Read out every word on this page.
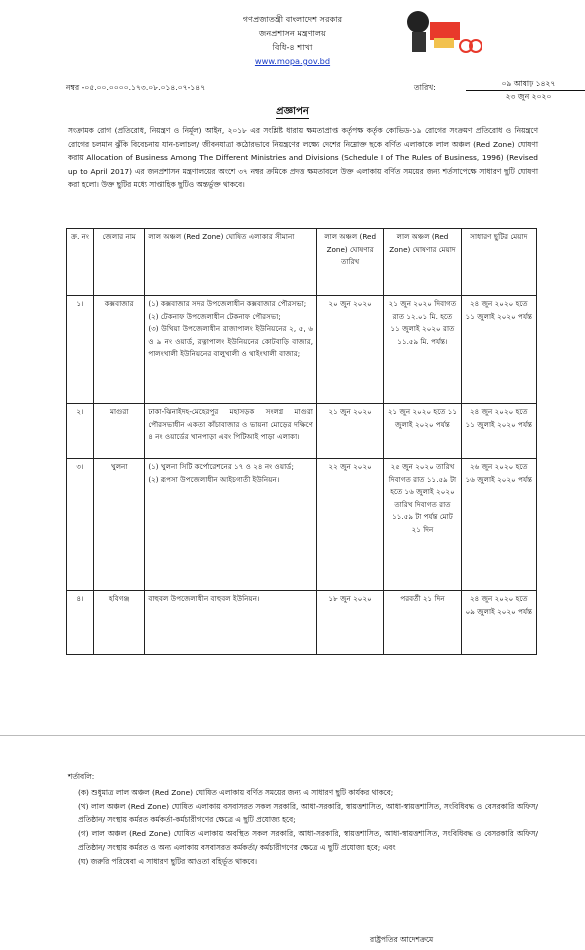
গণপ্রজাতন্ত্রী বাংলাদেশ সরকার
জনপ্রশাসন মন্ত্রণালয়
বিধি-৪ শাখা
www.mopa.gov.bd
নম্বর -০৫.০০.০০০০.১৭৩.০৮.০১৪.০৭-১৪৭	তারিখ:	০৯ আষাঢ় ১৪২৭
২৩ জুন ২০২০
প্রজ্ঞাপন
সংক্রামক রোগ (প্রতিরোধ, নিয়ন্ত্রণ ও নির্মূল) আইন, ২০১৮ এর সংশ্লিষ্ট ধারায় ক্ষমতাপ্রাপ্ত কর্তৃপক্ষ কর্তৃক কোভিড-১৯ রোগের সংক্রমণ প্রতিরোধ ও নিয়ন্ত্রণে রোগের চলমান ঝুঁকি বিবেচনায় যান-চলাচল/ জীবনযাত্রা কঠোরভাবে নিয়ন্ত্রণের লক্ষ্যে দেশের নিম্নোক্ত ছকে বর্ণিত এলাকাকে লাল অঞ্চল (Red Zone) ঘোষণা করায় Allocation of Business Among The Different Ministries and Divisions (Schedule I of The Rules of Business, 1996) (Revised up to April 2017) এর জনপ্রশাসন মন্ত্রণালয়ের অংশে ৩৭ নম্বর ক্রমিকে প্রদত্ত ক্ষমতাবলে উক্ত এলাকায় বর্ণিত সময়ের জন্য শর্তসাপেক্ষে সাধারণ ছুটি ঘোষণা করা হলো। উক্ত ছুটির মধ্যে সাপ্তাহিক ছুটিও অন্তর্ভুক্ত থাকবে।
ক্র. নং	জেলার নাম	লাল অঞ্চল (Red Zone) ঘোষিত এলাকার সীমানা	লাল অঞ্চল (Red Zone) ঘোষণার তারিখ	লাল অঞ্চল (Red Zone) ঘোষণার মেয়াদ	সাধারণ ছুটির মেয়াদ
১।	কক্সবাজার	(১) কক্সবাজার সদর উপজেলাধীন কক্সবাজার পৌরসভা;
(২) টেকনাফ উপজেলাধীন টেকনাফ পৌরসভা;
(৩) উখিয়া উপজেলাধীন রাজাপালং ইউনিয়নের ২, ৫, ৬ ও ৯ নং ওয়ার্ড, রত্নাপালং ইউনিয়নের কোটবাড়ি বাজার, পালংখালী ইউনিয়নের বালুখালী ও থাইংখালী বাজার;	২০ জুন ২০২০	২১ জুন ২০২০ দিবাগত রাত ১২.০১ মি. হতে ১১ জুলাই ২০২০ রাত ১১.৫৯ মি. পর্যন্ত।	২৪ জুন ২০২০ হতে ১১ জুলাই ২০২০ পর্যন্ত
২।	মাগুরা	ঢাকা-ঝিনাইদহ-মেহেরপুর মহাসড়ক সংলগ্ন মাগুরা পৌরসভাধীন একতা কাঁচাবাজার ও ভায়না মোড়ের দক্ষিণে ৪ নং ওয়ার্ডের খানপাড়া এবং পিটিআই পাড়া এলাকা।	২১ জুন ২০২০	২১ জুন ২০২০ হতে ১১ জুলাই ২০২০ পর্যন্ত	২৪ জুন ২০২০ হতে ১১ জুলাই ২০২০ পর্যন্ত
৩।	খুলনা	(১) খুলনা সিটি কর্পোরেশনের ১৭ ও ২৪ নং ওয়ার্ড;
(২) রূপসা উপজেলাধীন আইচগাতী ইউনিয়ন।	২২ জুন ২০২০	২৫ জুন ২০২০ তারিখ দিবাগত রাত ১১.৫৯ টা হতে ১৬ জুলাই ২০২০ তারিখ দিবাগত রাত ১১.৫৯ টা পর্যন্ত মোট ২১ দিন	২৬ জুন ২০২০ হতে ১৬ জুলাই ২০২০ পর্যন্ত
৪।	হবিগঞ্জ	বাহুবল উপজেলাধীন বাহুবল ইউনিয়ন।	১৮ জুন ২০২০	পরবর্তী ২১ দিন	২৪ জুন ২০২০ হতে ০৯ জুলাই ২০২০ পর্যন্ত
শর্তাবলি:
(ক) শুধুমাত্র লাল অঞ্চল (Red Zone) ঘোষিত এলাকায় বর্ণিত সময়ের জন্য এ সাধারণ ছুটি কার্যকর থাকবে;
(খ) লাল অঞ্চল (Red Zone) ঘোষিত এলাকায় বসবাসরত সকল সরকারি, আধা-সরকারি, স্বায়ত্তশাসিত, আধা-স্বায়ত্তশাসিত, সংবিধিবদ্ধ ও বেসরকারি অফিস/ প্রতিষ্ঠান/ সংস্থায় কর্মরত কর্মকর্তা-কর্মচারীগণের ক্ষেত্রে এ ছুটি প্রযোজ্য হবে;
(গ) লাল অঞ্চল (Red Zone) ঘোষিত এলাকায় অবস্থিত সকল সরকারি, আধা-সরকারি, স্বায়ত্তশাসিত, আধা-স্বায়ত্তশাসিত, সংবিধিবদ্ধ ও বেসরকারি অফিস/ প্রতিষ্ঠান/ সংস্থায় কর্মরত ও অন্য এলাকায় বসবাসরত কর্মকর্তা/ কর্মচারীগণের ক্ষেত্রে এ ছুটি প্রযোজ্য হবে; এবং
(ঘ) জরুরি পরিষেবা এ সাধারণ ছুটির আওতা বহির্ভূত থাকবে।
রাষ্ট্রপতির আদেশক্রমে
